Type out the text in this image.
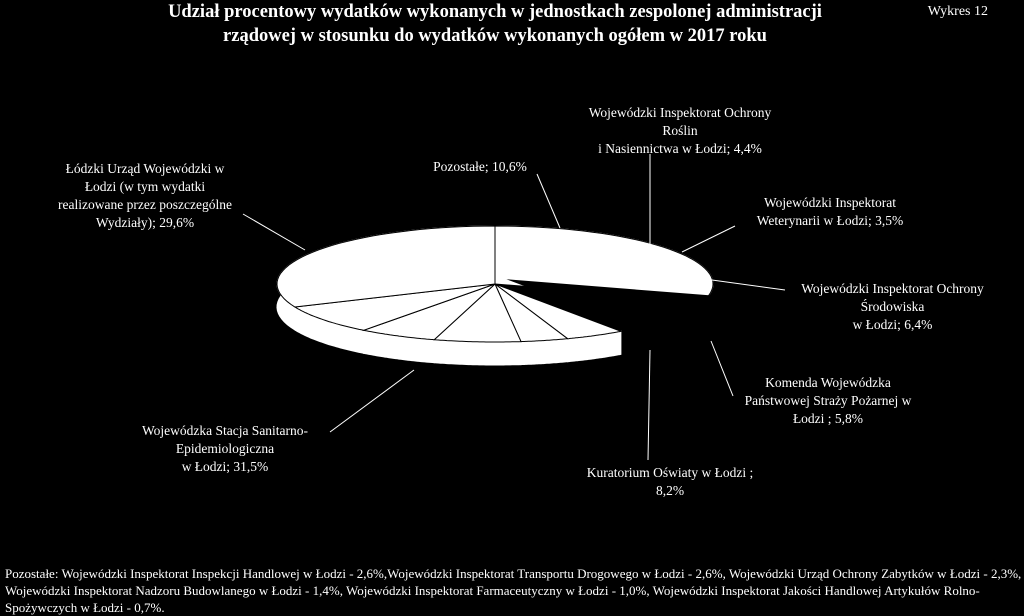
Udział procentowy wydatków wykonanych w jednostkach zespolonej administracji
rządowej w stosunku do wydatków wykonanych ogółem w 2017 roku
Wykres 12
Łódzki Urząd Wojewódzki w
Łodzi (w tym wydatki
realizowane przez poszczególne
Wydziały); 29,6%
Pozostałe; 10,6%
Wojewódzki Inspektorat Ochrony
Roślin
i Nasiennictwa w Łodzi; 4,4%
Wojewódzki Inspektorat
Weterynarii w Łodzi; 3,5%
Wojewódzki Inspektorat Ochrony
Środowiska
w Łodzi; 6,4%
Komenda Wojewódzka
Państwowej Straży Pożarnej w
Łodzi ; 5,8%
Kuratorium Oświaty w Łodzi ;
8,2%
Wojewódzka Stacja Sanitarno-
Epidemiologiczna
w Łodzi; 31,5%
Pozostałe: Wojewódzki Inspektorat Inspekcji Handlowej w Łodzi - 2,6%,Wojewódzki Inspektorat Transportu Drogowego w Łodzi - 2,6%, Wojewódzki Urząd Ochrony Zabytków w Łodzi - 2,3%, Wojewódzki Inspektorat Nadzoru Budowlanego w Łodzi - 1,4%, Wojewódzki Inspektorat Farmaceutyczny w Łodzi - 1,0%, Wojewódzki Inspektorat Jakości Handlowej Artykułów Rolno-Spożywczych w Łodzi - 0,7%.
